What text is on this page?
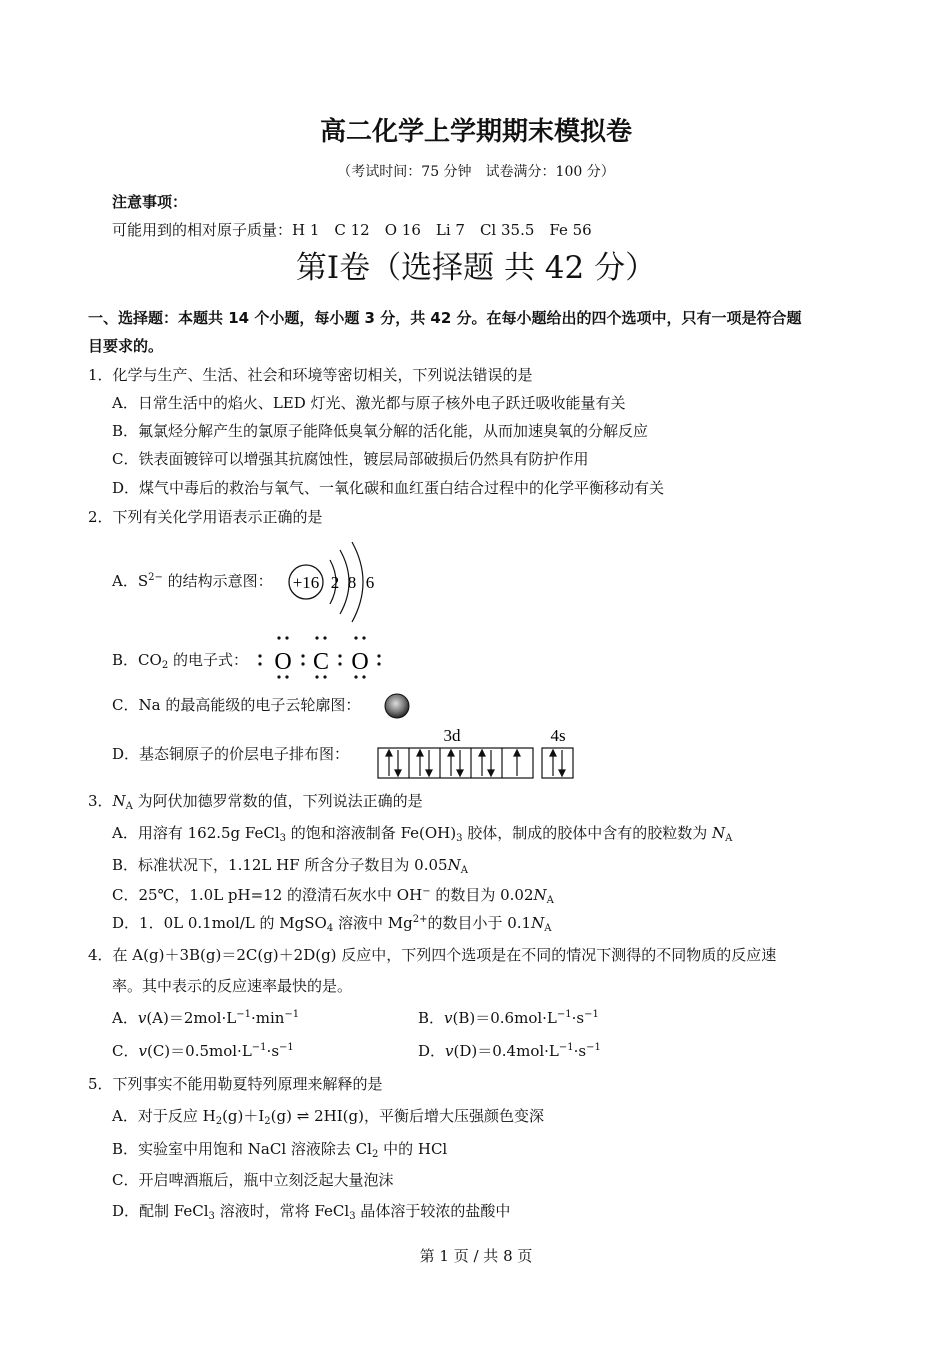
高二化学上学期期末模拟卷
（考试时间：75 分钟　试卷满分：100 分）
注意事项：
可能用到的相对原子质量：H 1　C 12　O 16　Li 7　Cl 35.5　Fe 56
第I卷（选择题 共 42 分）
一、选择题：本题共 14 个小题，每小题 3 分，共 42 分。在每小题给出的四个选项中，只有一项是符合题
目要求的。
1．化学与生产、生活、社会和环境等密切相关，下列说法错误的是
A．日常生活中的焰火、LED 灯光、激光都与原子核外电子跃迁吸收能量有关
B．氟氯烃分解产生的氯原子能降低臭氧分解的活化能，从而加速臭氧的分解反应
C．铁表面镀锌可以增强其抗腐蚀性，镀层局部破损后仍然具有防护作用
D．煤气中毒后的救治与氧气、一氧化碳和血红蛋白结合过程中的化学平衡移动有关
2．下列有关化学用语表示正确的是
A．$S^{2-}$ 的结构示意图： +16 2 8 6
B．$CO_2$ 的电子式： O C O
C．Na 的最高能级的电子云轮廓图：
D．基态铜原子的价层电子排布图：
3d	4s
3．$N_A$ 为阿伏加德罗常数的值，下列说法正确的是
A．用溶有 162.5g FeCl$_3$ 的饱和溶液制备 $Fe(OH)_3$ 胶体，制成的胶体中含有的胶粒数为 $N_A$
B．标准状况下，1.12L HF 所含分子数目为 $0.05N_A$
C．25℃，1.0L pH=12 的澄清石灰水中 OH− 的数目为 $0.02N_A$
D．1．0L 0.1mol/L 的 MgSO$_4$ 溶液中 $Mg^{2+}$的数目小于 $0.1N_A$
4．在 A(g)＋3B(g)＝2C(g)＋2D(g) 反应中，下列四个选项是在不同的情况下测得的不同物质的反应速
率。其中表示的反应速率最快的是。
A．$v(A)=2mol\cdot L^{-1}\cdot\min^{-1}$	B．$v(B)=0.6mol\cdot L^{-1}\cdot s^{-1}$
C．$v(C)=0.5mol\cdot L^{-1}\cdot s^{-1}$	D．$v(D)=0.4mol\cdot L^{-1}\cdot s^{-1}$
5．下列事实不能用勒夏特列原理来解释的是
A．对于反应 $H_2(g)+I_2(g)$ ⇌ 2HI(g)，平衡后增大压强颜色变深
B．实验室中用饱和 NaCl 溶液除去 $Cl_2$ 中的 HCl
C．开启啤酒瓶后，瓶中立刻泛起大量泡沫
D．配制 FeCl$_3$ 溶液时，常将 FeCl$_3$ 晶体溶于较浓的盐酸中
第 1 页 / 共 8 页
